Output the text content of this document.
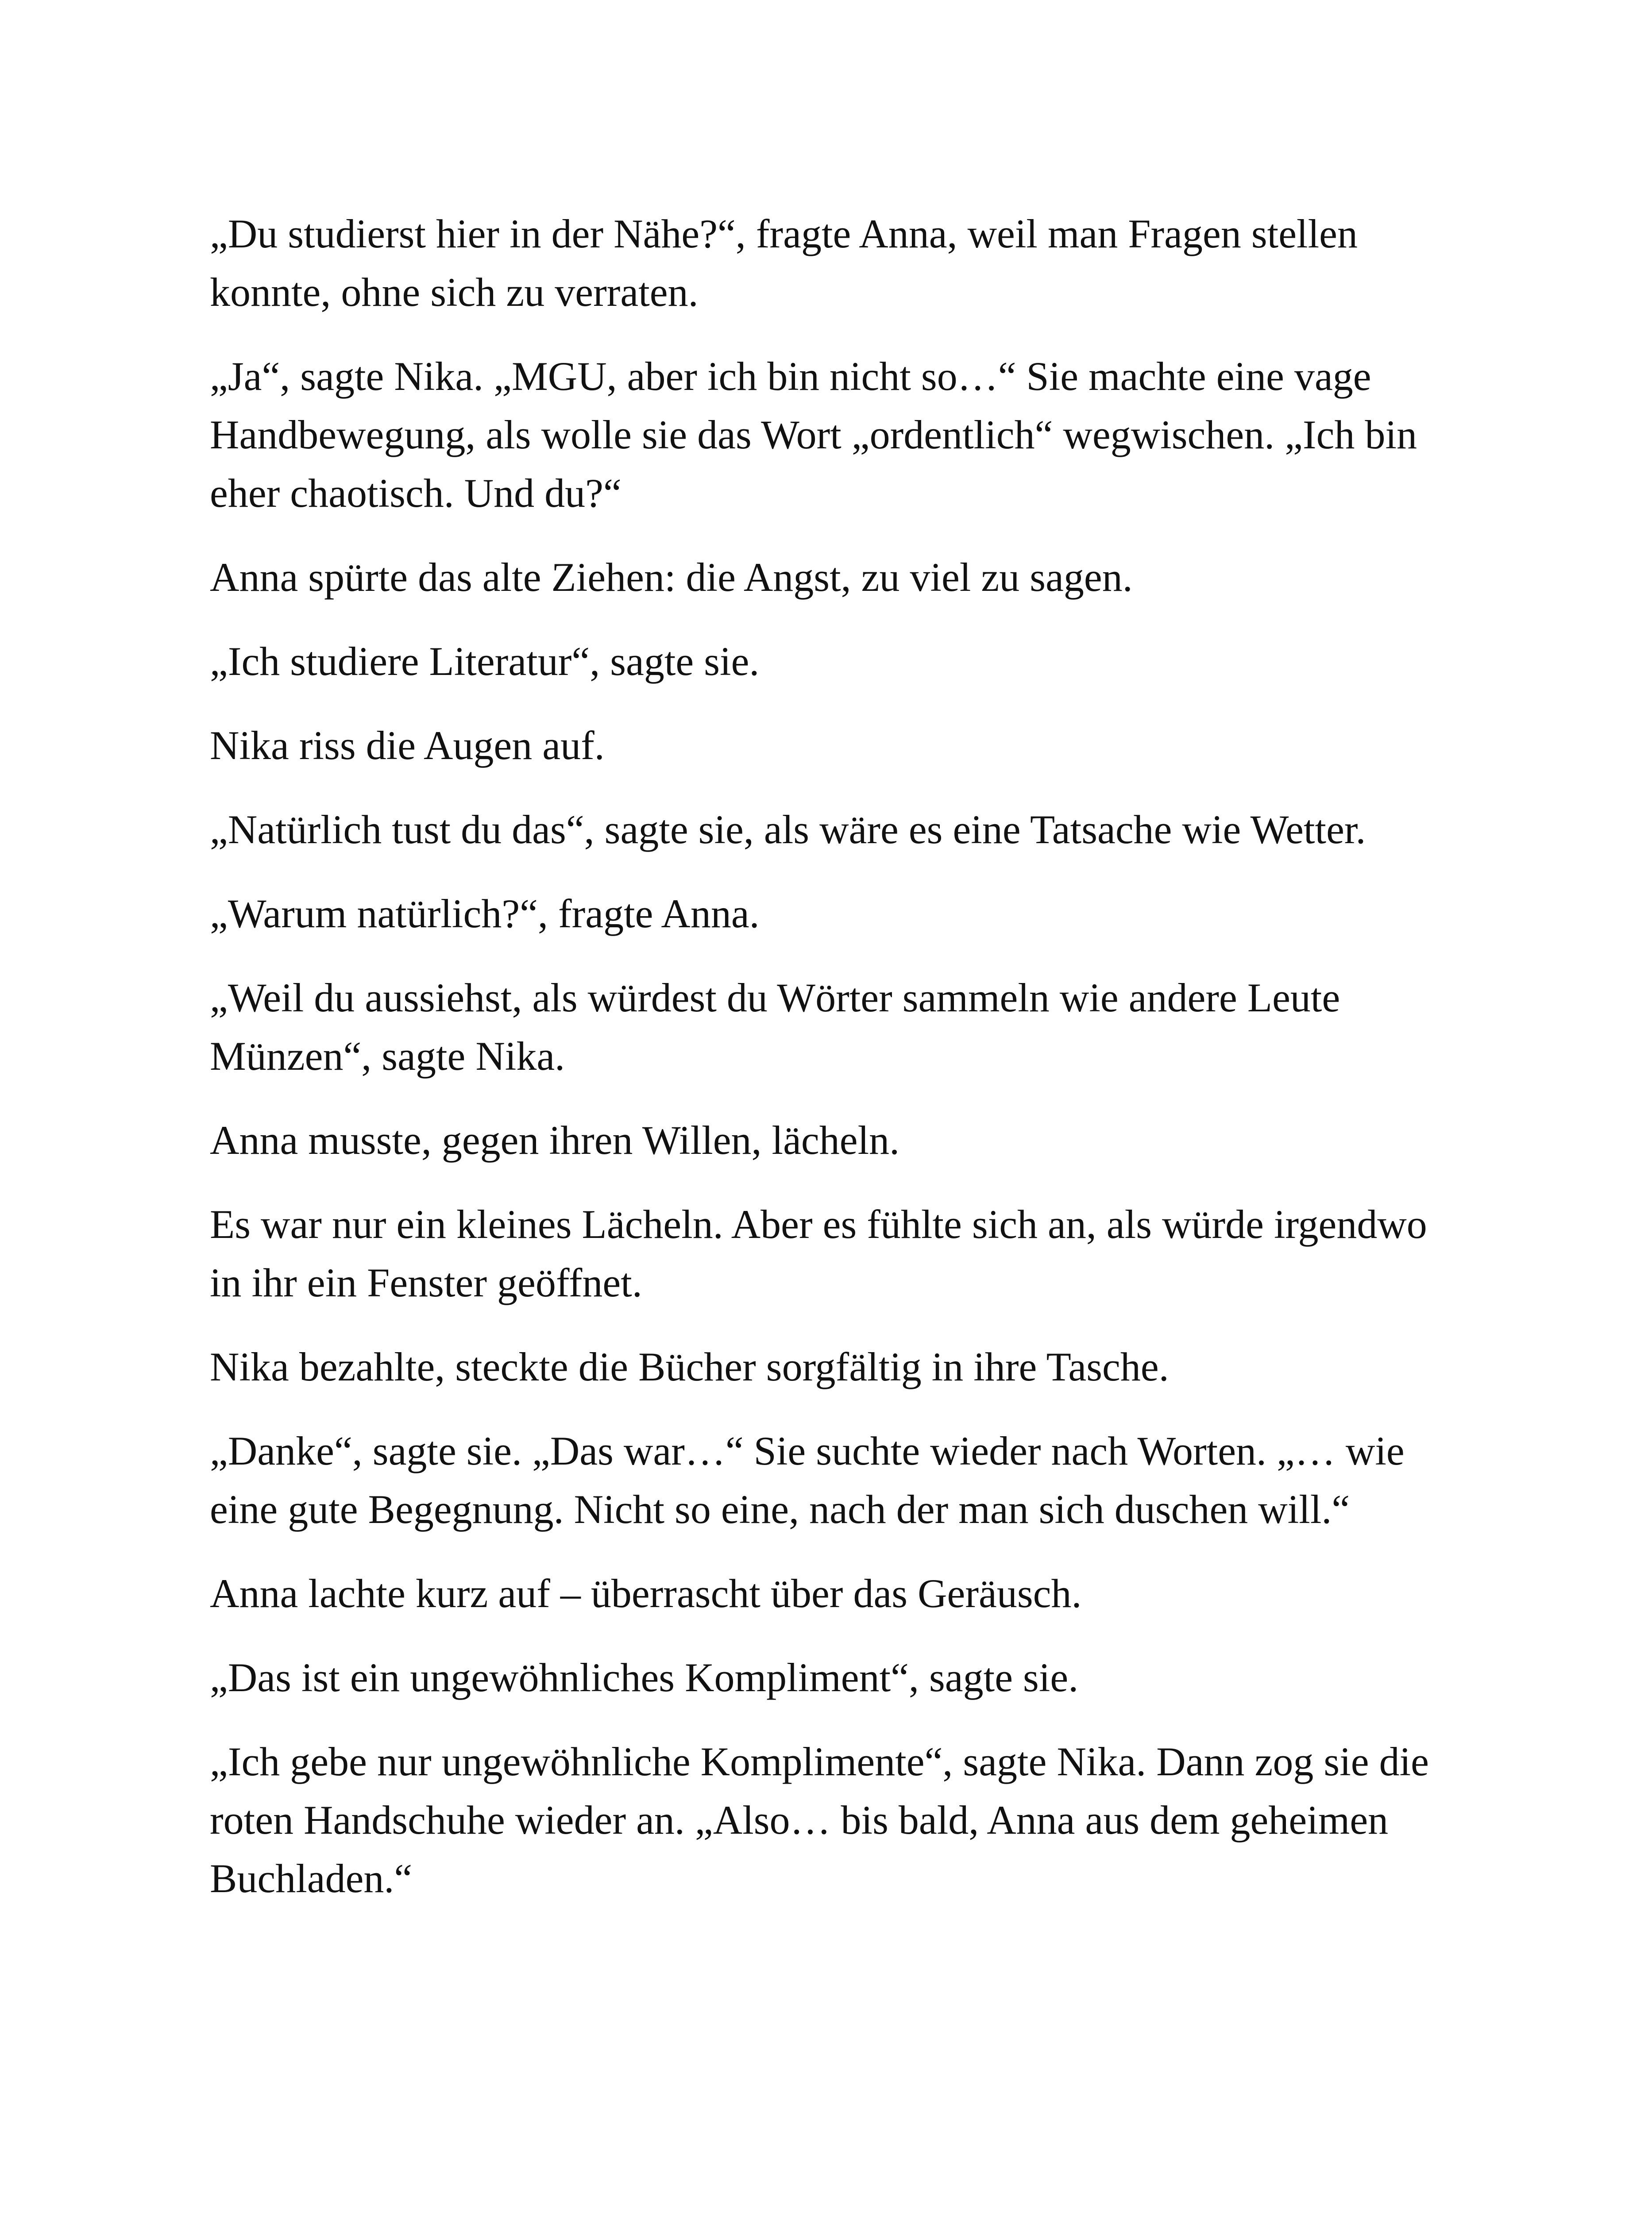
„Du studierst hier in der Nähe?“, fragte Anna, weil man Fragen stellen konnte, ohne sich zu verraten.

„Ja“, sagte Nika. „MGU, aber ich bin nicht so…“ Sie machte eine vage Handbewegung, als wolle sie das Wort „ordentlich“ wegwischen. „Ich bin eher chaotisch. Und du?“

Anna spürte das alte Ziehen: die Angst, zu viel zu sagen.

„Ich studiere Literatur“, sagte sie.

Nika riss die Augen auf.

„Natürlich tust du das“, sagte sie, als wäre es eine Tatsache wie Wetter.

„Warum natürlich?“, fragte Anna.

„Weil du aussiehst, als würdest du Wörter sammeln wie andere Leute Münzen“, sagte Nika.

Anna musste, gegen ihren Willen, lächeln.

Es war nur ein kleines Lächeln. Aber es fühlte sich an, als würde irgendwo in ihr ein Fenster geöffnet.

Nika bezahlte, steckte die Bücher sorgfältig in ihre Tasche.

„Danke“, sagte sie. „Das war…“ Sie suchte wieder nach Worten. „… wie eine gute Begegnung. Nicht so eine, nach der man sich duschen will.“

Anna lachte kurz auf – überrascht über das Geräusch.

„Das ist ein ungewöhnliches Kompliment“, sagte sie.

„Ich gebe nur ungewöhnliche Komplimente“, sagte Nika. Dann zog sie die roten Handschuhe wieder an. „Also… bis bald, Anna aus dem geheimen Buchladen.“
